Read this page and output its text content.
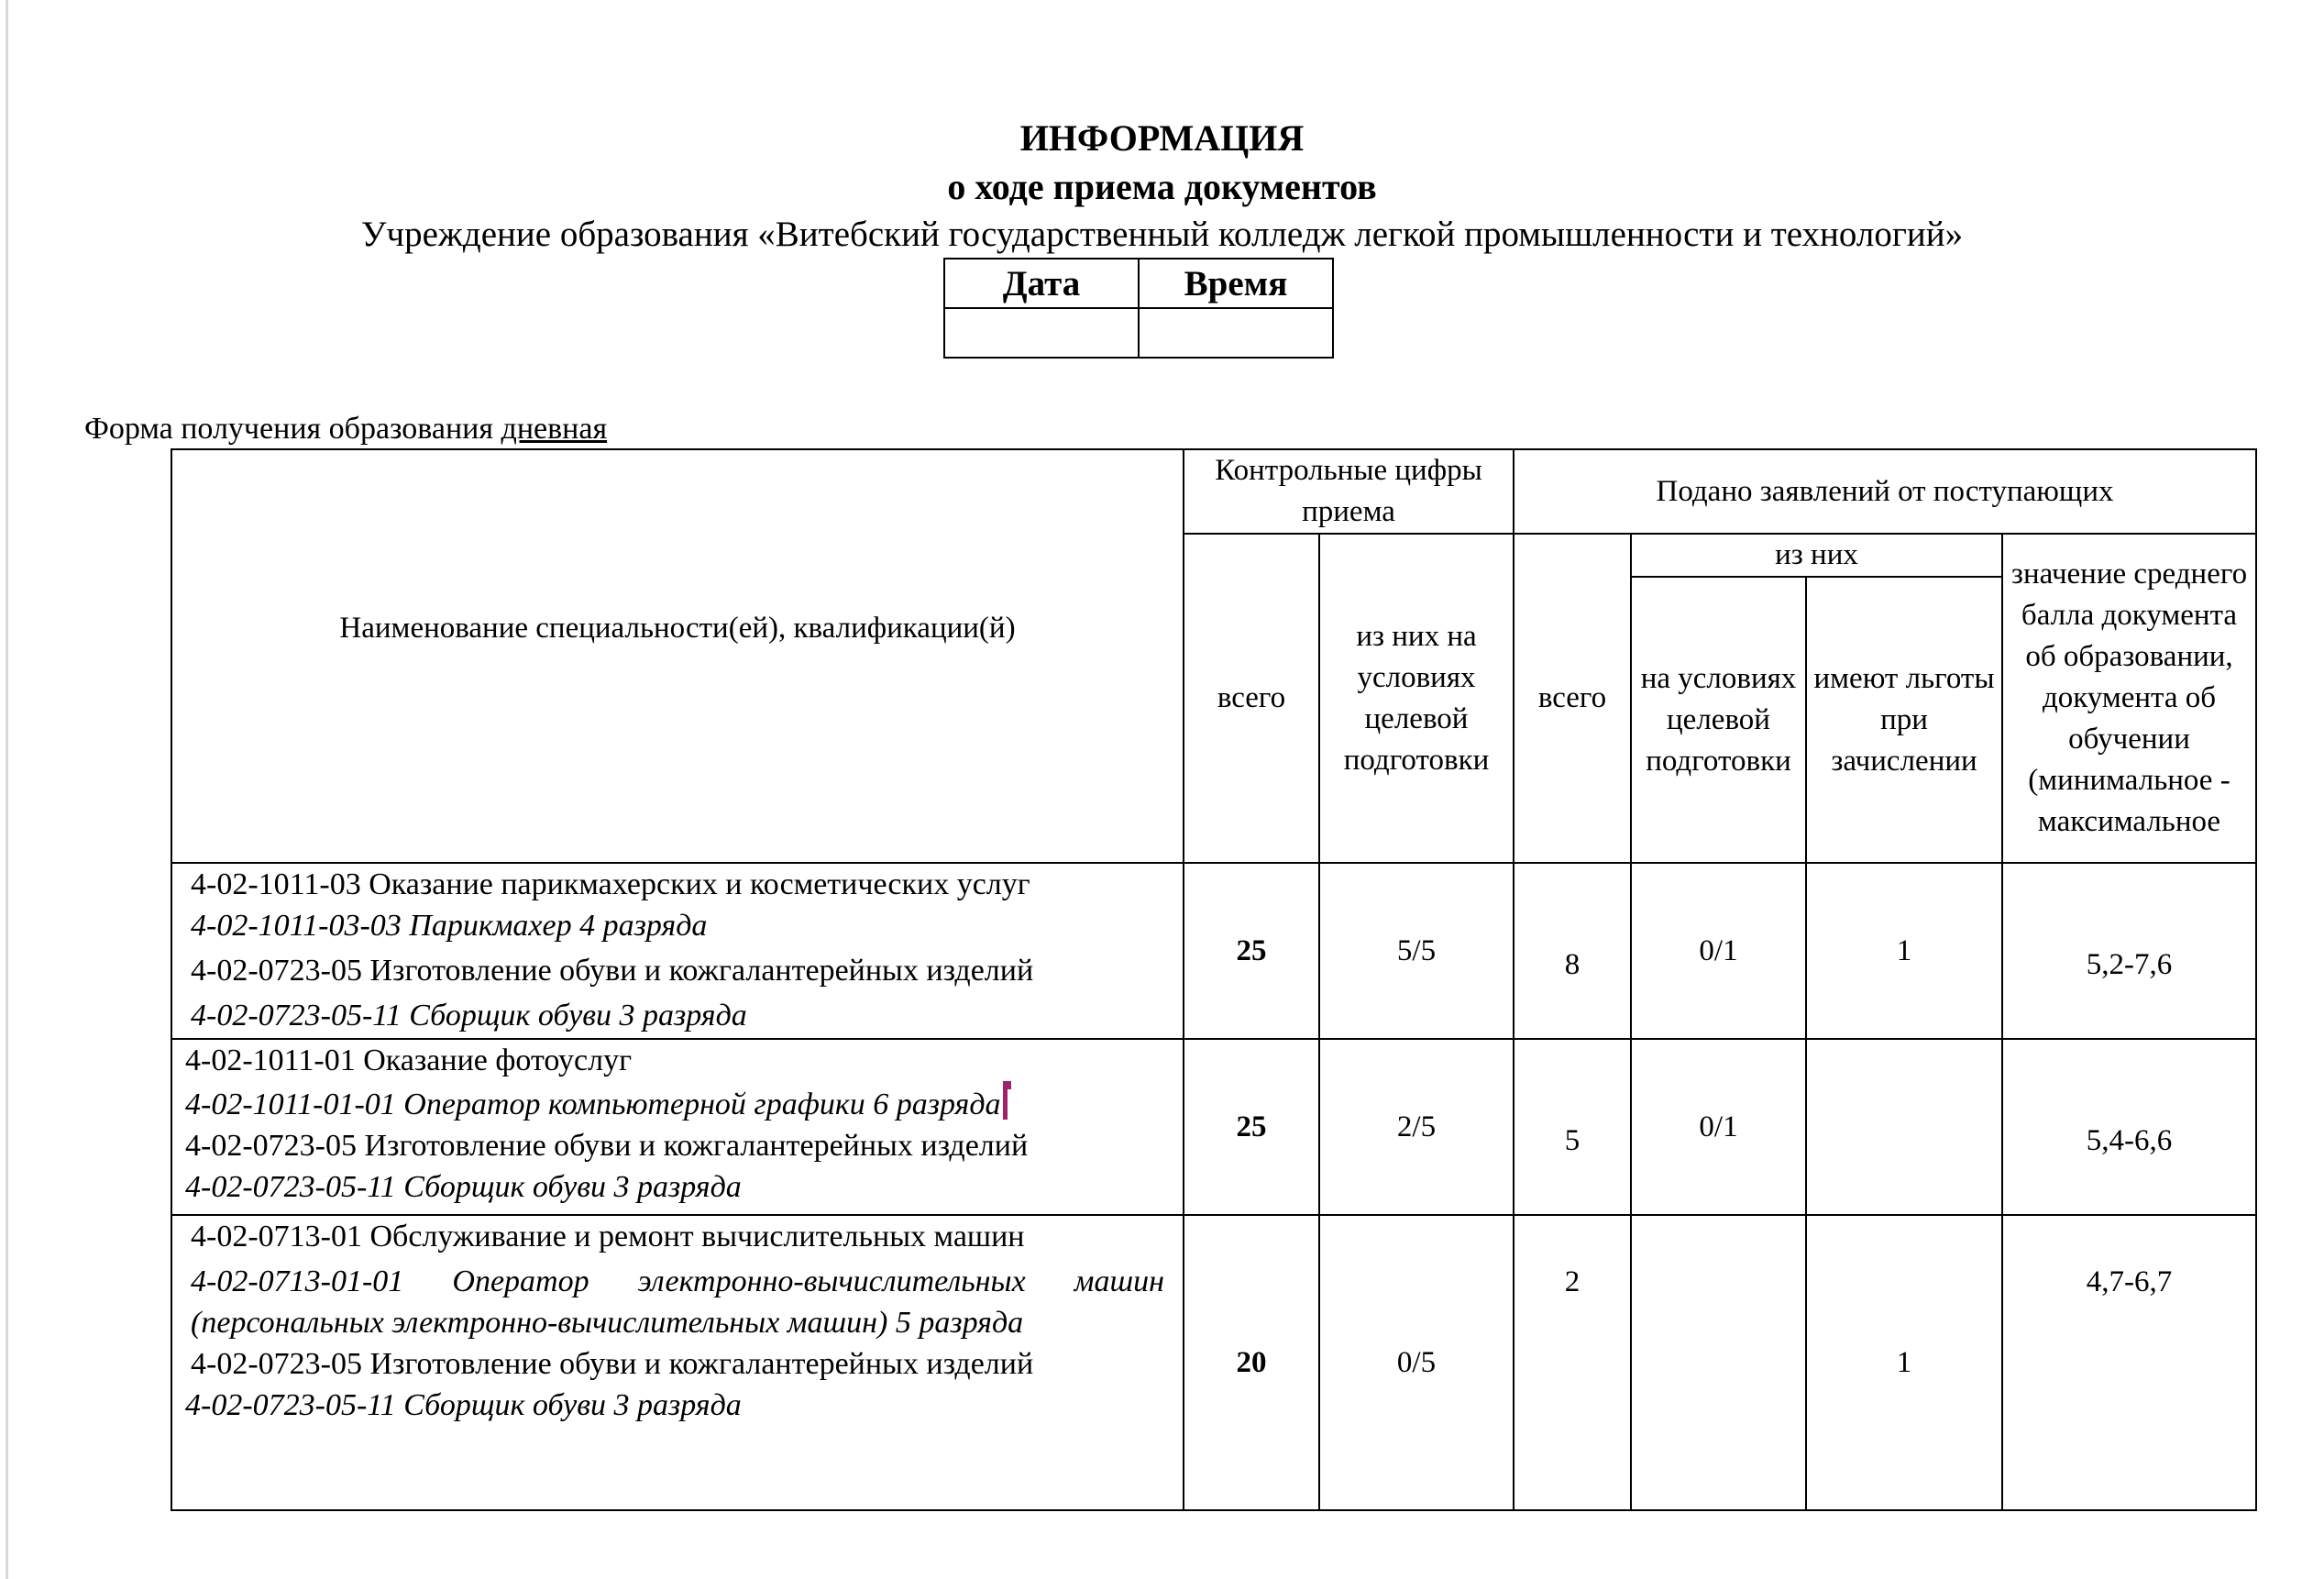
ИНФОРМАЦИЯ
о ходе приема документов
Учреждение образования «Витебский государственный колледж легкой промышленности и технологий»
Дата	Время

Форма получения образования дневная
Наименование специальности(ей), квалификации(й)	Контрольные цифры приема		Подано заявлений от поступающих			
	всего	из них на условиях целевой подготовки	всего	из них		значение среднего балла документа об образовании, документа об обучении (минимальное - максимальное
				на условиях целевой подготовки	имеют льготы при зачислении	

4-02-1011-03 Оказание парикмахерских и косметических услуг
4-02-1011-03-03 Парикмахер 4 разряда
4-02-0723-05 Изготовление обуви и кожгалантерейных изделий
4-02-0723-05-11 Сборщик обуви 3 разряда	25	5/5	8	0/1	1	5,2-7,6

4-02-1011-01 Оказание фотоуслуг
4-02-1011-01-01 Оператор компьютерной графики 6 разряда
4-02-0723-05 Изготовление обуви и кожгалантерейных изделий
4-02-0723-05-11 Сборщик обуви 3 разряда	25	2/5	5	0/1		5,4-6,6

4-02-0713-01 Обслуживание и ремонт вычислительных машин
4-02-0713-01-01 Оператор электронно-вычислительных машин (персональных электронно-вычислительных машин) 5 разряда
4-02-0723-05 Изготовление обуви и кожгалантерейных изделий
4-02-0723-05-11 Сборщик обуви 3 разряда	20	0/5	2		1	4,7-6,7
